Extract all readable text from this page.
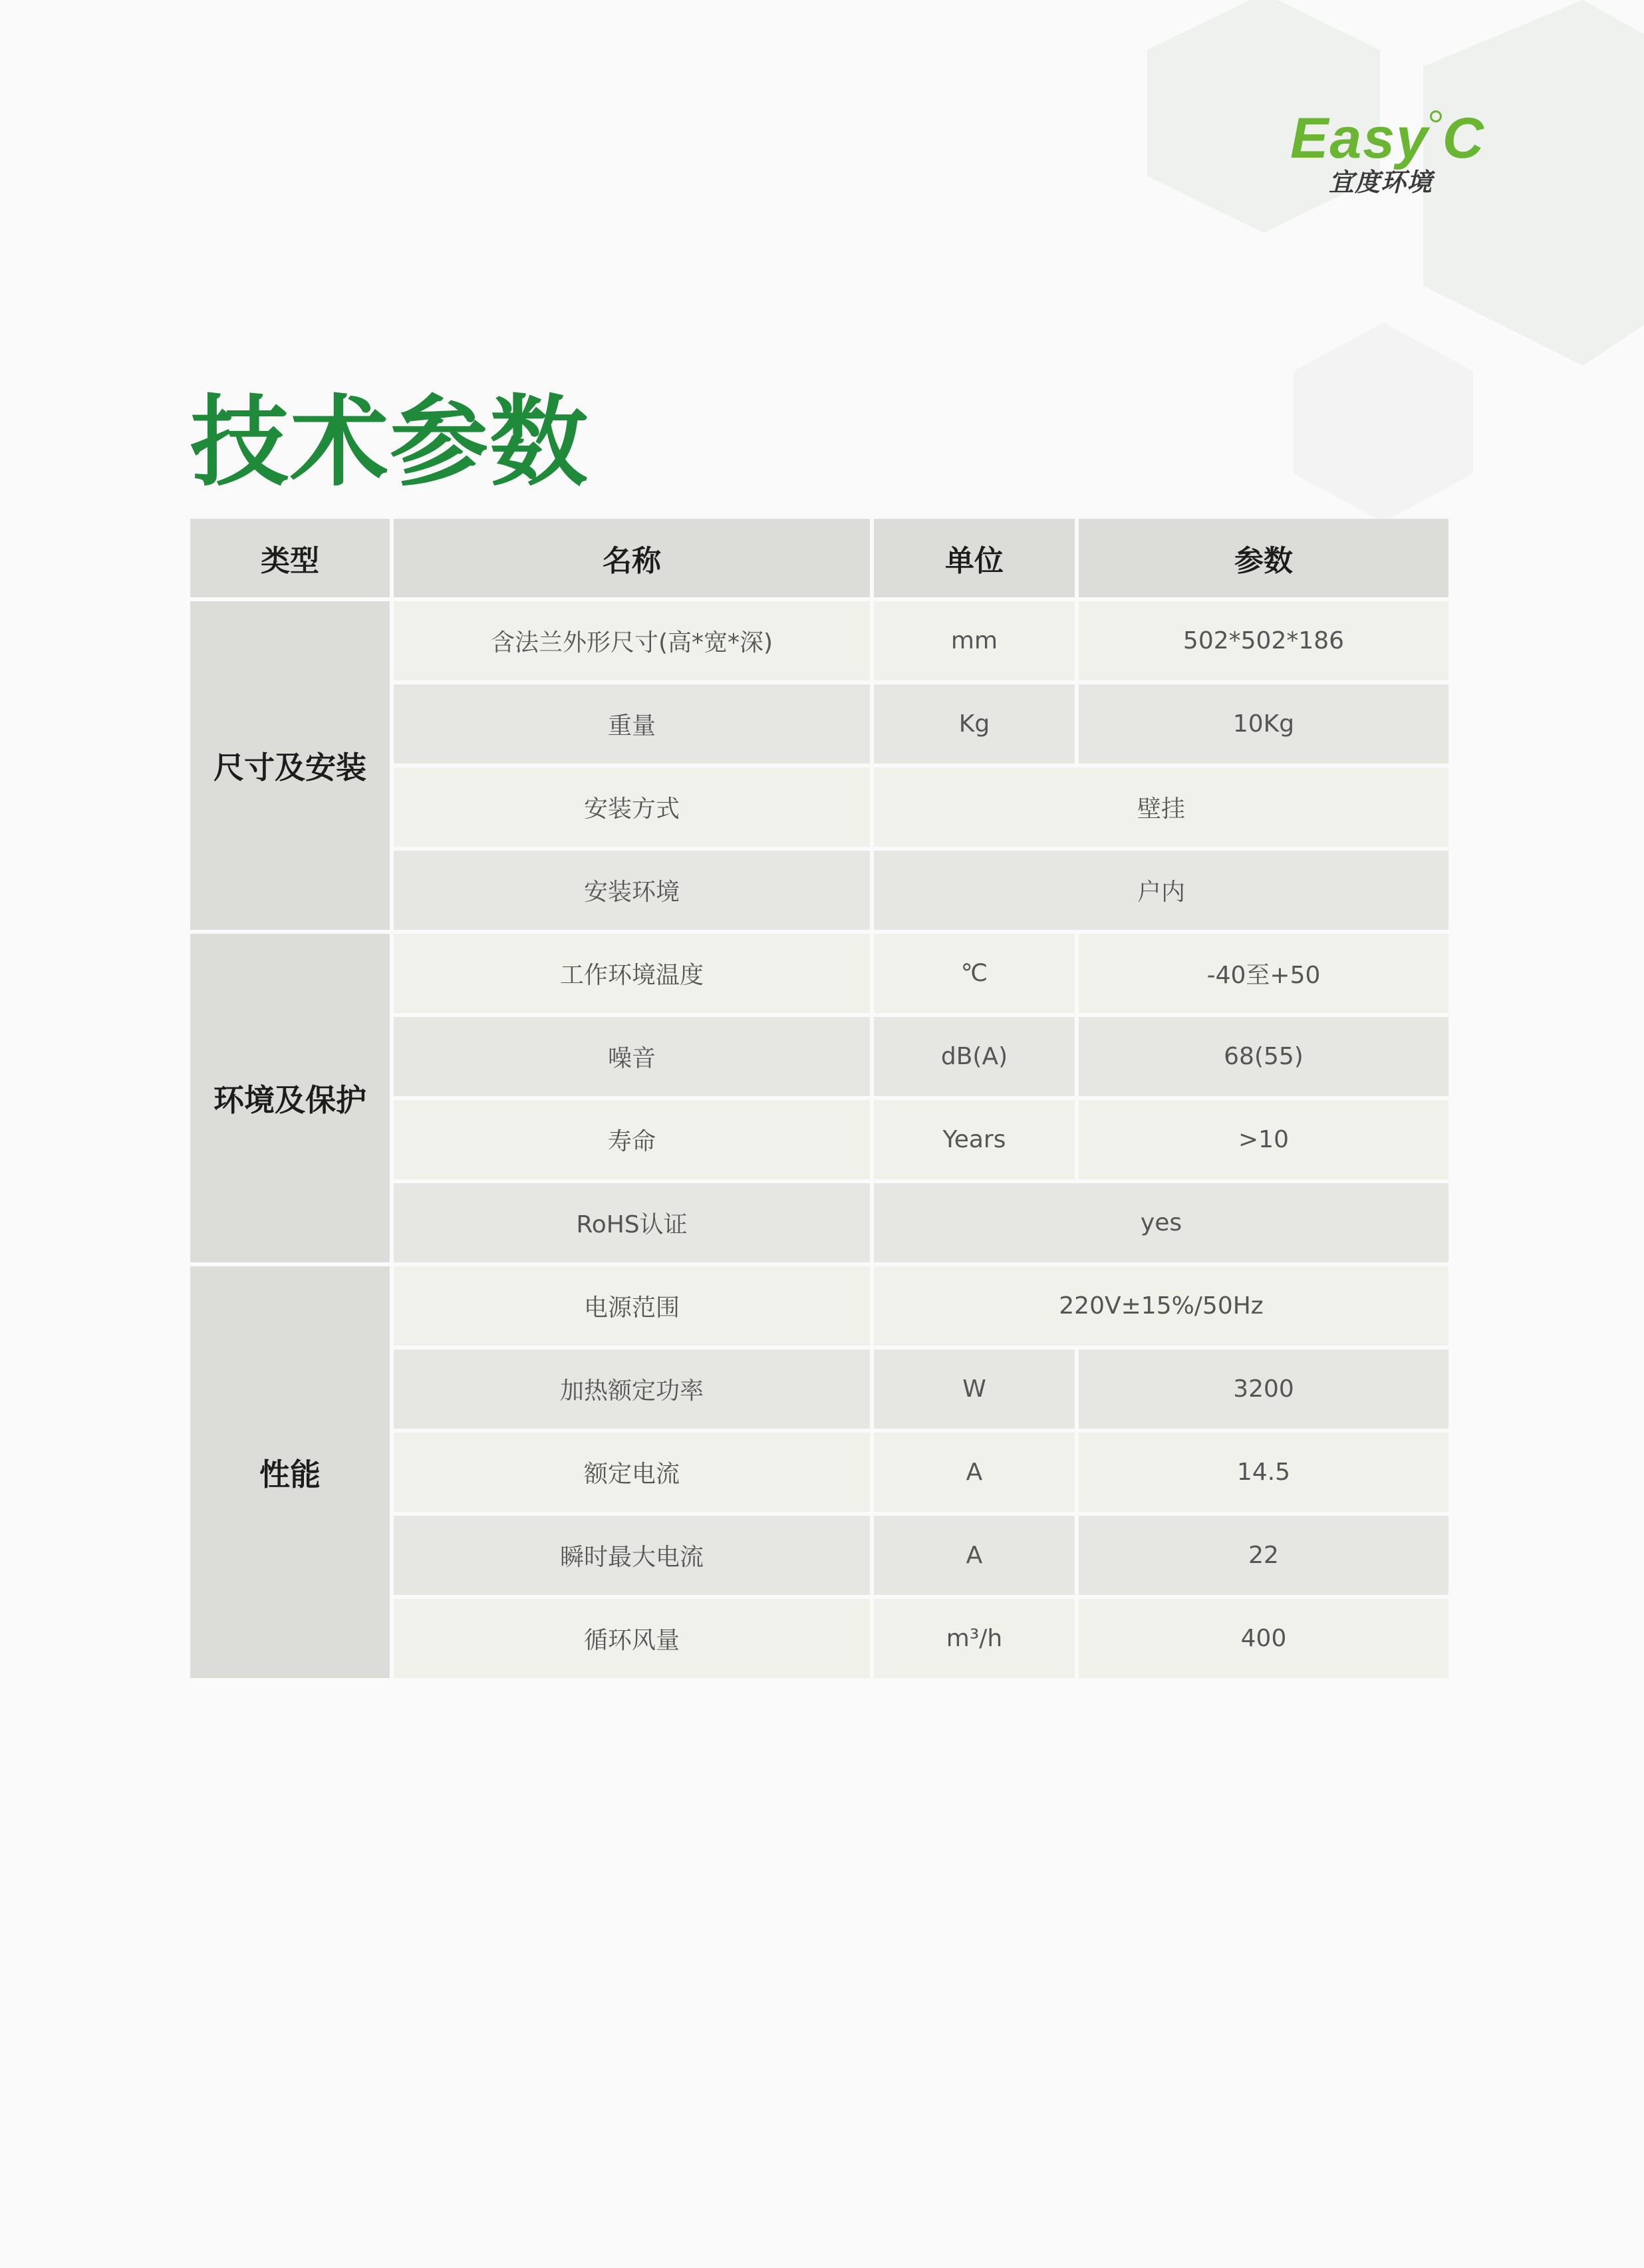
Easy C
宜度环境
技术参数
类型	名称	单位	参数
尺寸及安装	含法兰外形尺寸(高*宽*深)	mm	502*502*186
	重量	Kg	10Kg
	安装方式	壁挂	
	安装环境	户内	
环境及保护	工作环境温度	℃	-40至+50
	噪音	dB(A)	68(55)
	寿命	Years	>10
	RoHS认证	yes	
性能	电源范围	220V±15%/50Hz	
	加热额定功率	W	3200
	额定电流	A	14.5
	瞬时最大电流	A	22
	循环风量	m³/h	400
